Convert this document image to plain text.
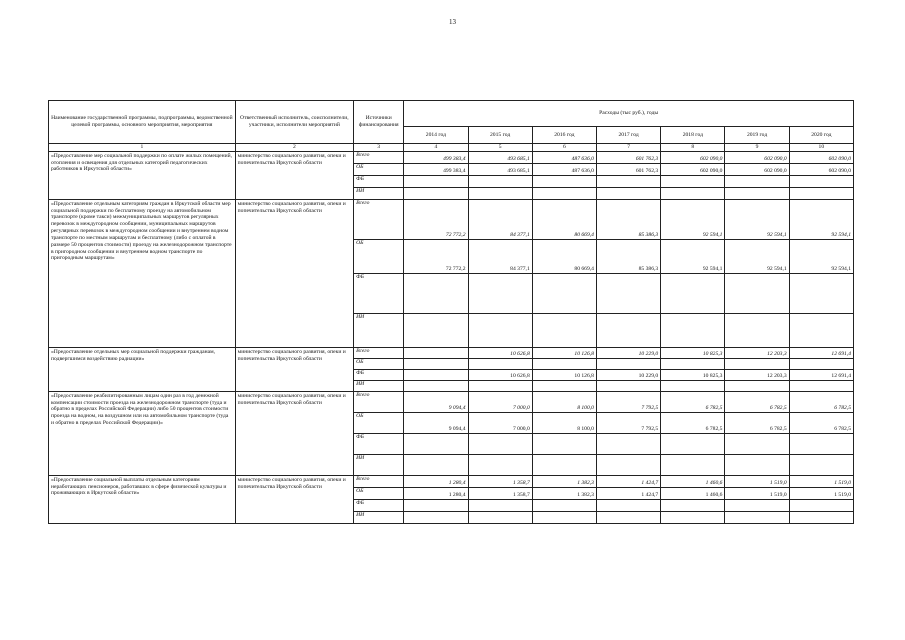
13
Наименование государственной программы, подпрограммы, ведомственной целевой программы, основного мероприятия, мероприятия	Ответственный исполнитель, соисполнители, участники, исполнители мероприятий	Источники финансирования	Расходы (тыс руб.), годы						
			2014 год	2015 год	2016 год	2017 год	2018 год	2019 год	2020 год
1	2	3	4	5	6	7	8	9	10
«Предоставление мер социальной поддержки по оплате жилых помещений, отопления и освещения для отдельных категорий педагогических работников в Иркутской области»	министерство социального развития, опеки и попечительства Иркутской области	Всего	499 383,4	493 685,1	487 636,0	601 762,3	602 090,0	602 090,0	602 090,0
		ОБ	499 383,4	493 685,1	487 636,0	601 762,3	602 090,0	602 090,0	602 090,0
		ФБ							
		ИИ							
«Предоставление отдельным категориям граждан в Иркутской области мер социальной поддержки по бесплатному проезду на автомобильном транспорте (кроме такси) межмуниципальных маршрутов регулярных перевозок в междугородном сообщении, муниципальных маршрутов регулярных перевозок в междугородном сообщении и внутреннем водном транспорте по местным маршрутам и бесплатному (либо с оплатой в размере 50 процентов стоимости) проезду на железнодорожном транспорте в пригородном сообщении и внутреннем водном транспорте по пригородным маршрутам»	министерство социального развития, опеки и попечительства Иркутской области	Всего	72 772,2	84 377,1	80 669,4	85 386,3	92 594,1	92 594,1	92 594,1
		ОБ	72 772,2	84 377,1	80 669,4	85 386,3	92 594,1	92 594,1	92 594,1
		ФБ							
		ИИ							
«Предоставление отдельных мер социальной поддержки гражданам, подвергшимся воздействию радиации»	министерство социального развития, опеки и попечительства Иркутской области	Всего		10 626,8	10 126,8	10 229,0	10 825,3	12 203,3	12 691,4
		ОБ							
		ФБ		10 626,8	10 126,8	10 229,0	10 825,3	12 203,3	12 691,4
		ИИ							
«Предоставление реабилитированным лицам один раз в год денежной компенсации стоимости проезда на железнодорожном транспорте (туда и обратно в пределах Российской Федерации) либо 50 процентов стоимости проезда на водном, на воздушном или на автомобильном транспорте (туда и обратно в пределах Российской Федерации)»	министерство социального развития, опеки и попечительства Иркутской области	Всего	9 094,4	7 000,0	8 100,0	7 792,5	6 782,5	6 782,5	6 782,5
		ОБ	9 094,4	7 000,0	8 100,0	7 792,5	6 782,5	6 782,5	6 782,5
		ФБ							
		ИИ							
«Предоставление социальной выплаты отдельным категориям неработающих пенсионеров, работавших в сфере физической культуры и проживающих в Иркутской области»	министерство социального развития, опеки и попечительства Иркутской области	Всего	1 280,4	1 358,7	1 382,3	1 424,7	1 460,6	1 519,0	1 519,0
		ОБ	1 280,4	1 358,7	1 382,3	1 424,7	1 460,6	1 519,0	1 519,0
		ФБ							
		ИИ							
